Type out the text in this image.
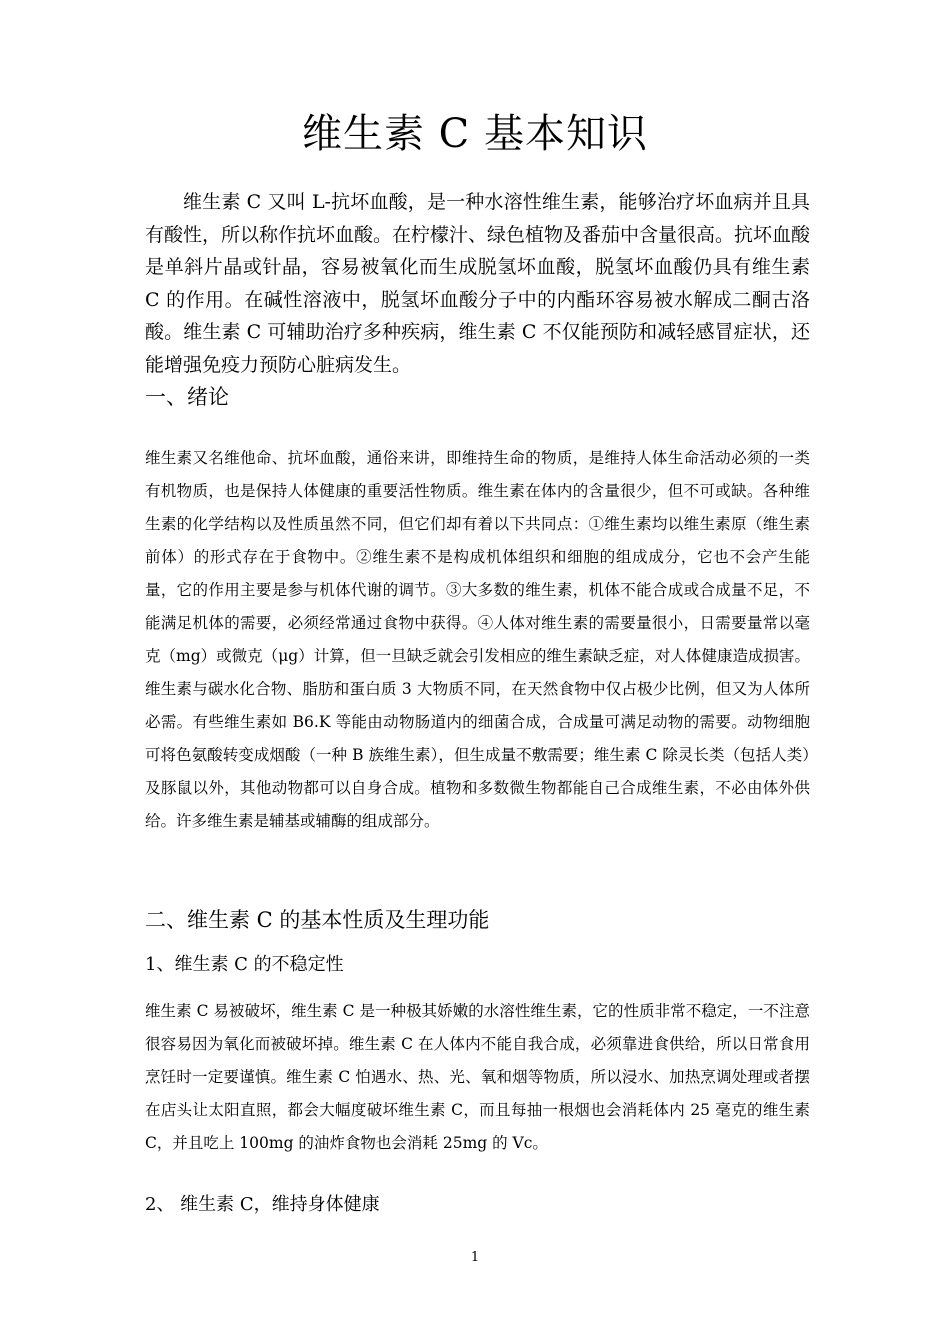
维生素 C 基本知识

维生素 C 又叫 L-抗坏血酸，是一种水溶性维生素，能够治疗坏血病并且具有酸性，所以称作抗坏血酸。在柠檬汁、绿色植物及番茄中含量很高。抗坏血酸是单斜片晶或针晶，容易被氧化而生成脱氢坏血酸，脱氢坏血酸仍具有维生素 C 的作用。在碱性溶液中，脱氢坏血酸分子中的内酯环容易被水解成二酮古洛酸。维生素 C 可辅助治疗多种疾病，维生素 C 不仅能预防和减轻感冒症状，还能增强免疫力预防心脏病发生。

一、绪论

维生素又名维他命、抗坏血酸，通俗来讲，即维持生命的物质，是维持人体生命活动必须的一类有机物质，也是保持人体健康的重要活性物质。维生素在体内的含量很少，但不可或缺。各种维生素的化学结构以及性质虽然不同，但它们却有着以下共同点：①维生素均以维生素原（维生素前体）的形式存在于食物中。②维生素不是构成机体组织和细胞的组成成分，它也不会产生能量，它的作用主要是参与机体代谢的调节。③大多数的维生素，机体不能合成或合成量不足，不能满足机体的需要，必须经常通过食物中获得。④人体对维生素的需要量很小，日需要量常以毫克（mg）或微克（μg）计算，但一旦缺乏就会引发相应的维生素缺乏症，对人体健康造成损害。维生素与碳水化合物、脂肪和蛋白质 3 大物质不同，在天然食物中仅占极少比例，但又为人体所必需。有些维生素如 B6.K 等能由动物肠道内的细菌合成，合成量可满足动物的需要。动物细胞可将色氨酸转变成烟酸（一种 B 族维生素），但生成量不敷需要；维生素 C 除灵长类（包括人类）及豚鼠以外，其他动物都可以自身合成。植物和多数微生物都能自己合成维生素，不必由体外供给。许多维生素是辅基或辅酶的组成部分。

二、维生素 C 的基本性质及生理功能
1、维生素 C 的不稳定性

维生素 C 易被破坏，维生素 C 是一种极其娇嫩的水溶性维生素，它的性质非常不稳定，一不注意很容易因为氧化而被破坏掉。维生素 C 在人体内不能自我合成，必须靠进食供给，所以日常食用烹饪时一定要谨慎。维生素 C 怕遇水、热、光、氧和烟等物质，所以浸水、加热烹调处理或者摆在店头让太阳直照，都会大幅度破坏维生素 C，而且每抽一根烟也会消耗体内 25 毫克的维生素 C，并且吃上 100mg 的油炸食物也会消耗 25mg 的 Vc。

2、 维生素 C，维持身体健康
1
